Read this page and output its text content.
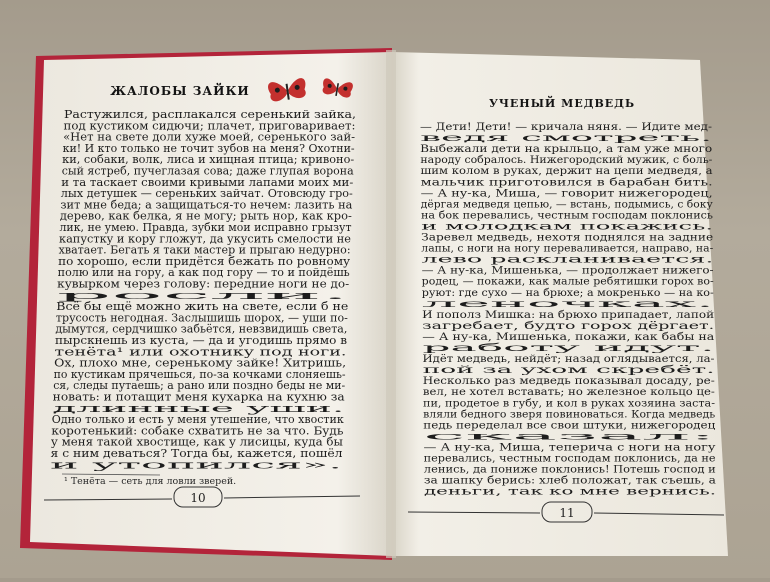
ЖАЛОБЫ ЗАЙКИ
Растужился, расплакался серенький зайка,
под кустиком сидючи; плачет, приговаривает:
«Нет на свете доли хуже моей, серенького зай-
ки! И кто только не точит зубов на меня? Охотни-
ки, собаки, волк, лиса и хищная птица; кривоно-
сый ястреб, пучеглазая сова; даже глупая ворона
и та таскает своими кривыми лапами моих ми-
лых детушек — серeньких зайчат. Отовсюду гро-
зит мне беда; а защищаться-то нечем: лазить на
дерево, как белка, я не могу; рыть нор, как кро-
лик, не умею. Правда, зубки мои исправно грызут
капустку и кору гложут, да укусить смелости не
хватает. Бегать я таки мастер и прыгаю недурно:
по хорошо, если придётся бежать по ровному
полю или на гору, а как под гору — то и пойдёшь
кувырком через голову: передние ноги не до-
росли.
Всё бы ещё можно жить на свете, если б не
трусость негодная. Заслышишь шорох, — уши по-
дымутся, сердчишко забьётся, невзвидишь света,
пырскнешь из куста, — да и угодишь прямо в
тенёта¹ или охотнику под ноги.
Ох, плохо мне, серенькому зайке! Хитришь,
по кустикам прячешься, по-за кочками слоняешь-
ся, следы путаешь; а рано или поздно беды не ми-
новать: и потащит меня кухарка на кухню за
длинные уши.
Одно только и есть у меня утешение, что хвостик
коротенький: собаке схватить не за что. Будь
у меня такой хвостище, как у лисицы, куда бы
я с ним деваться? Тогда бы, кажется, пошёл
и утопился».
¹ Тенёта — сеть для ловли зверей.
10
УЧЕНЫЙ МЕДВЕДЬ
— Дети! Дети! — кричала няня. — Идите мед-
ведя смотреть.
Выбежали дети на крыльцо, а там уже много
народу собралось. Нижегородский мужик, с боль-
шим колом в руках, держит на цепи медведя, а
мальчик приготовился в барабан бить.
— А ну-ка, Миша, — говорит нижегородец,
дёргая медведя цепью, — встань, подымись, с боку
на бок перевались, честным господам поклонись
и молодкам покажись.
Заревел медведь, нехотя поднялся на задние
лапы, с ноги на ногу переваливается, направо, на-
лево раскланивается.
— А ну-ка, Мишенька, — продолжает нижего-
родец, — покажи, как малые ребятишки горох во-
руют: где сухо — на брюхе; а мокренько — на ко-
леночках.
И пополз Мишка: на брюхо припадает, лапой
загребает, будто горох дёргает.
— А ну-ка, Мишенька, покажи, как бабы на
работу идут.
Идёт медведь, нейдёт; назад оглядывается, ла-
пой за ухом скребёт.
Несколько раз медведь показывал досаду, ре-
вел, не хотел вставать; но железное кольцо це-
пи, продетое в губу, и кол в руках хозяина заста-
вляли бедного зверя повиноваться. Когда медведь
педь переделал все свои штуки, нижегородец
сказал:
— А ну-ка, Миша, теперича с ноги на ногу
перевались, честным господам поклонись, да не
ленись, да пониже поклонись! Потешь господ и
за шапку берись: хлеб положат, так съешь, а
деньги, так ко мне вернись.
11
